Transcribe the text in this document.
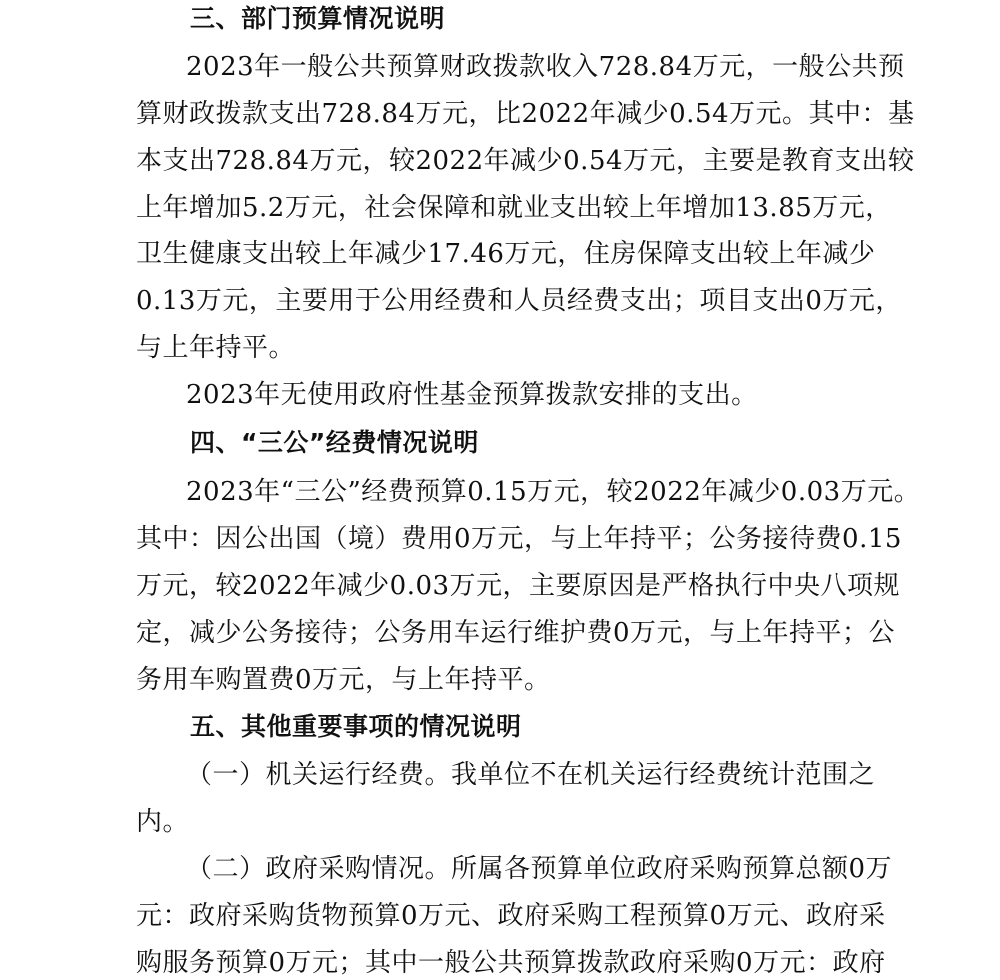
三、部门预算情况说明
2023年一般公共预算财政拨款收入728.84万元，一般公共预
算财政拨款支出728.84万元，比2022年减少0.54万元。其中：基
本支出728.84万元，较2022年减少0.54万元，主要是教育支出较
上年增加5.2万元，社会保障和就业支出较上年增加13.85万元，
卫生健康支出较上年减少17.46万元，住房保障支出较上年减少
0.13万元，主要用于公用经费和人员经费支出；项目支出0万元，
与上年持平。
2023年无使用政府性基金预算拨款安排的支出。
四、“三公”经费情况说明
2023年“三公”经费预算0.15万元，较2022年减少0.03万元。
其中：因公出国（境）费用0万元，与上年持平；公务接待费0.15
万元，较2022年减少0.03万元，主要原因是严格执行中央八项规
定，减少公务接待；公务用车运行维护费0万元，与上年持平；公
务用车购置费0万元，与上年持平。
五、其他重要事项的情况说明
（一）机关运行经费。我单位不在机关运行经费统计范围之
内。
（二）政府采购情况。所属各预算单位政府采购预算总额0万
元：政府采购货物预算0万元、政府采购工程预算0万元、政府采
购服务预算0万元；其中一般公共预算拨款政府采购0万元：政府
